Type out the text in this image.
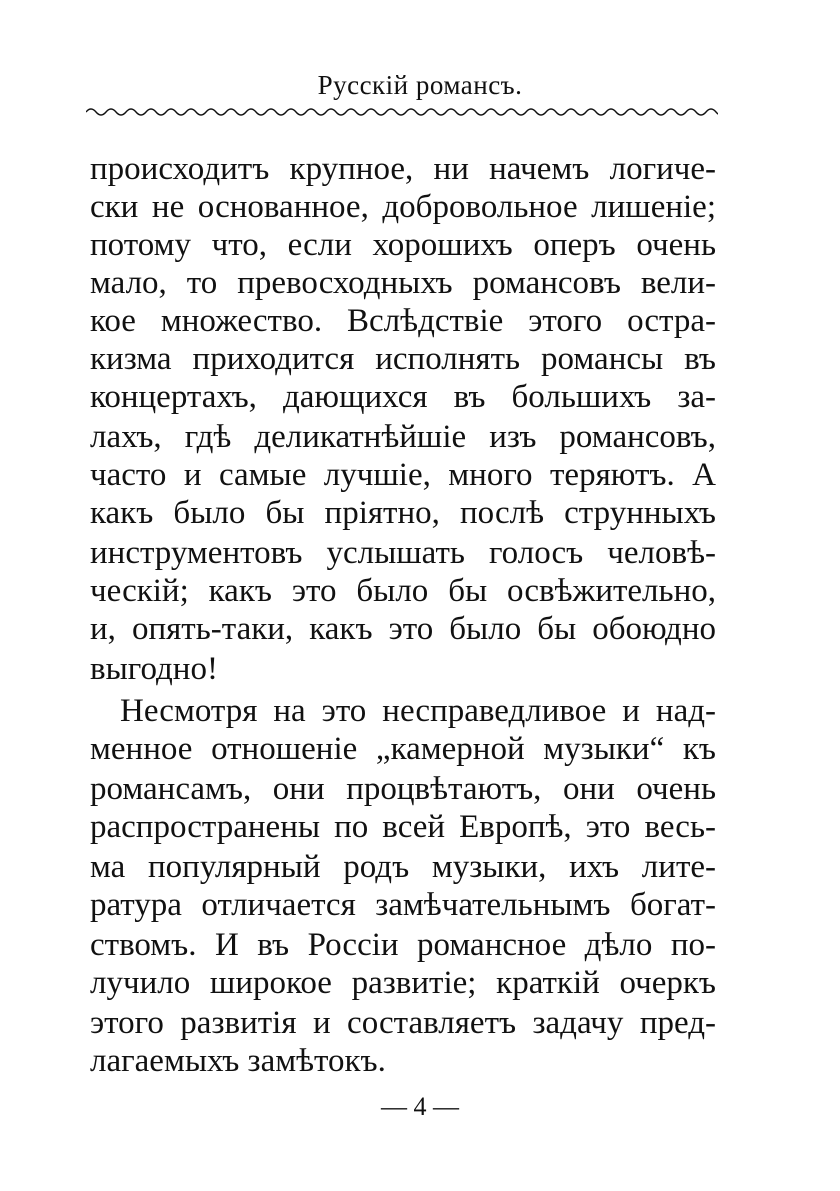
Русскій романсъ.
происходитъ крупное, ни начемъ логиче-
ски не основанное, добровольное лишеніе;
потому что, если хорошихъ оперъ очень
мало, то превосходныхъ романсовъ вели-
кое множество. Вслѣдствіе этого остра-
кизма приходится исполнять романсы въ
концертахъ, дающихся въ большихъ за-
лахъ, гдѣ деликатнѣйшіе изъ романсовъ,
часто и самые лучшіе, много теряютъ. А
какъ было бы пріятно, послѣ струнныхъ
инструментовъ услышать голосъ человѣ-
ческій; какъ это было бы освѣжительно,
и, опять-таки, какъ это было бы обоюдно
выгодно!
Несмотря на это несправедливое и над-
менное отношеніе „камерной музыки“ къ
романсамъ, они процвѣтаютъ, они очень
распространены по всей Европѣ, это весь-
ма популярный родъ музыки, ихъ лите-
ратура отличается замѣчательнымъ богат-
ствомъ. И въ Россіи романсное дѣло по-
лучило широкое развитіе; краткій очеркъ
этого развитія и составляетъ задачу пред-
лагаемыхъ замѣтокъ.
— 4 —
